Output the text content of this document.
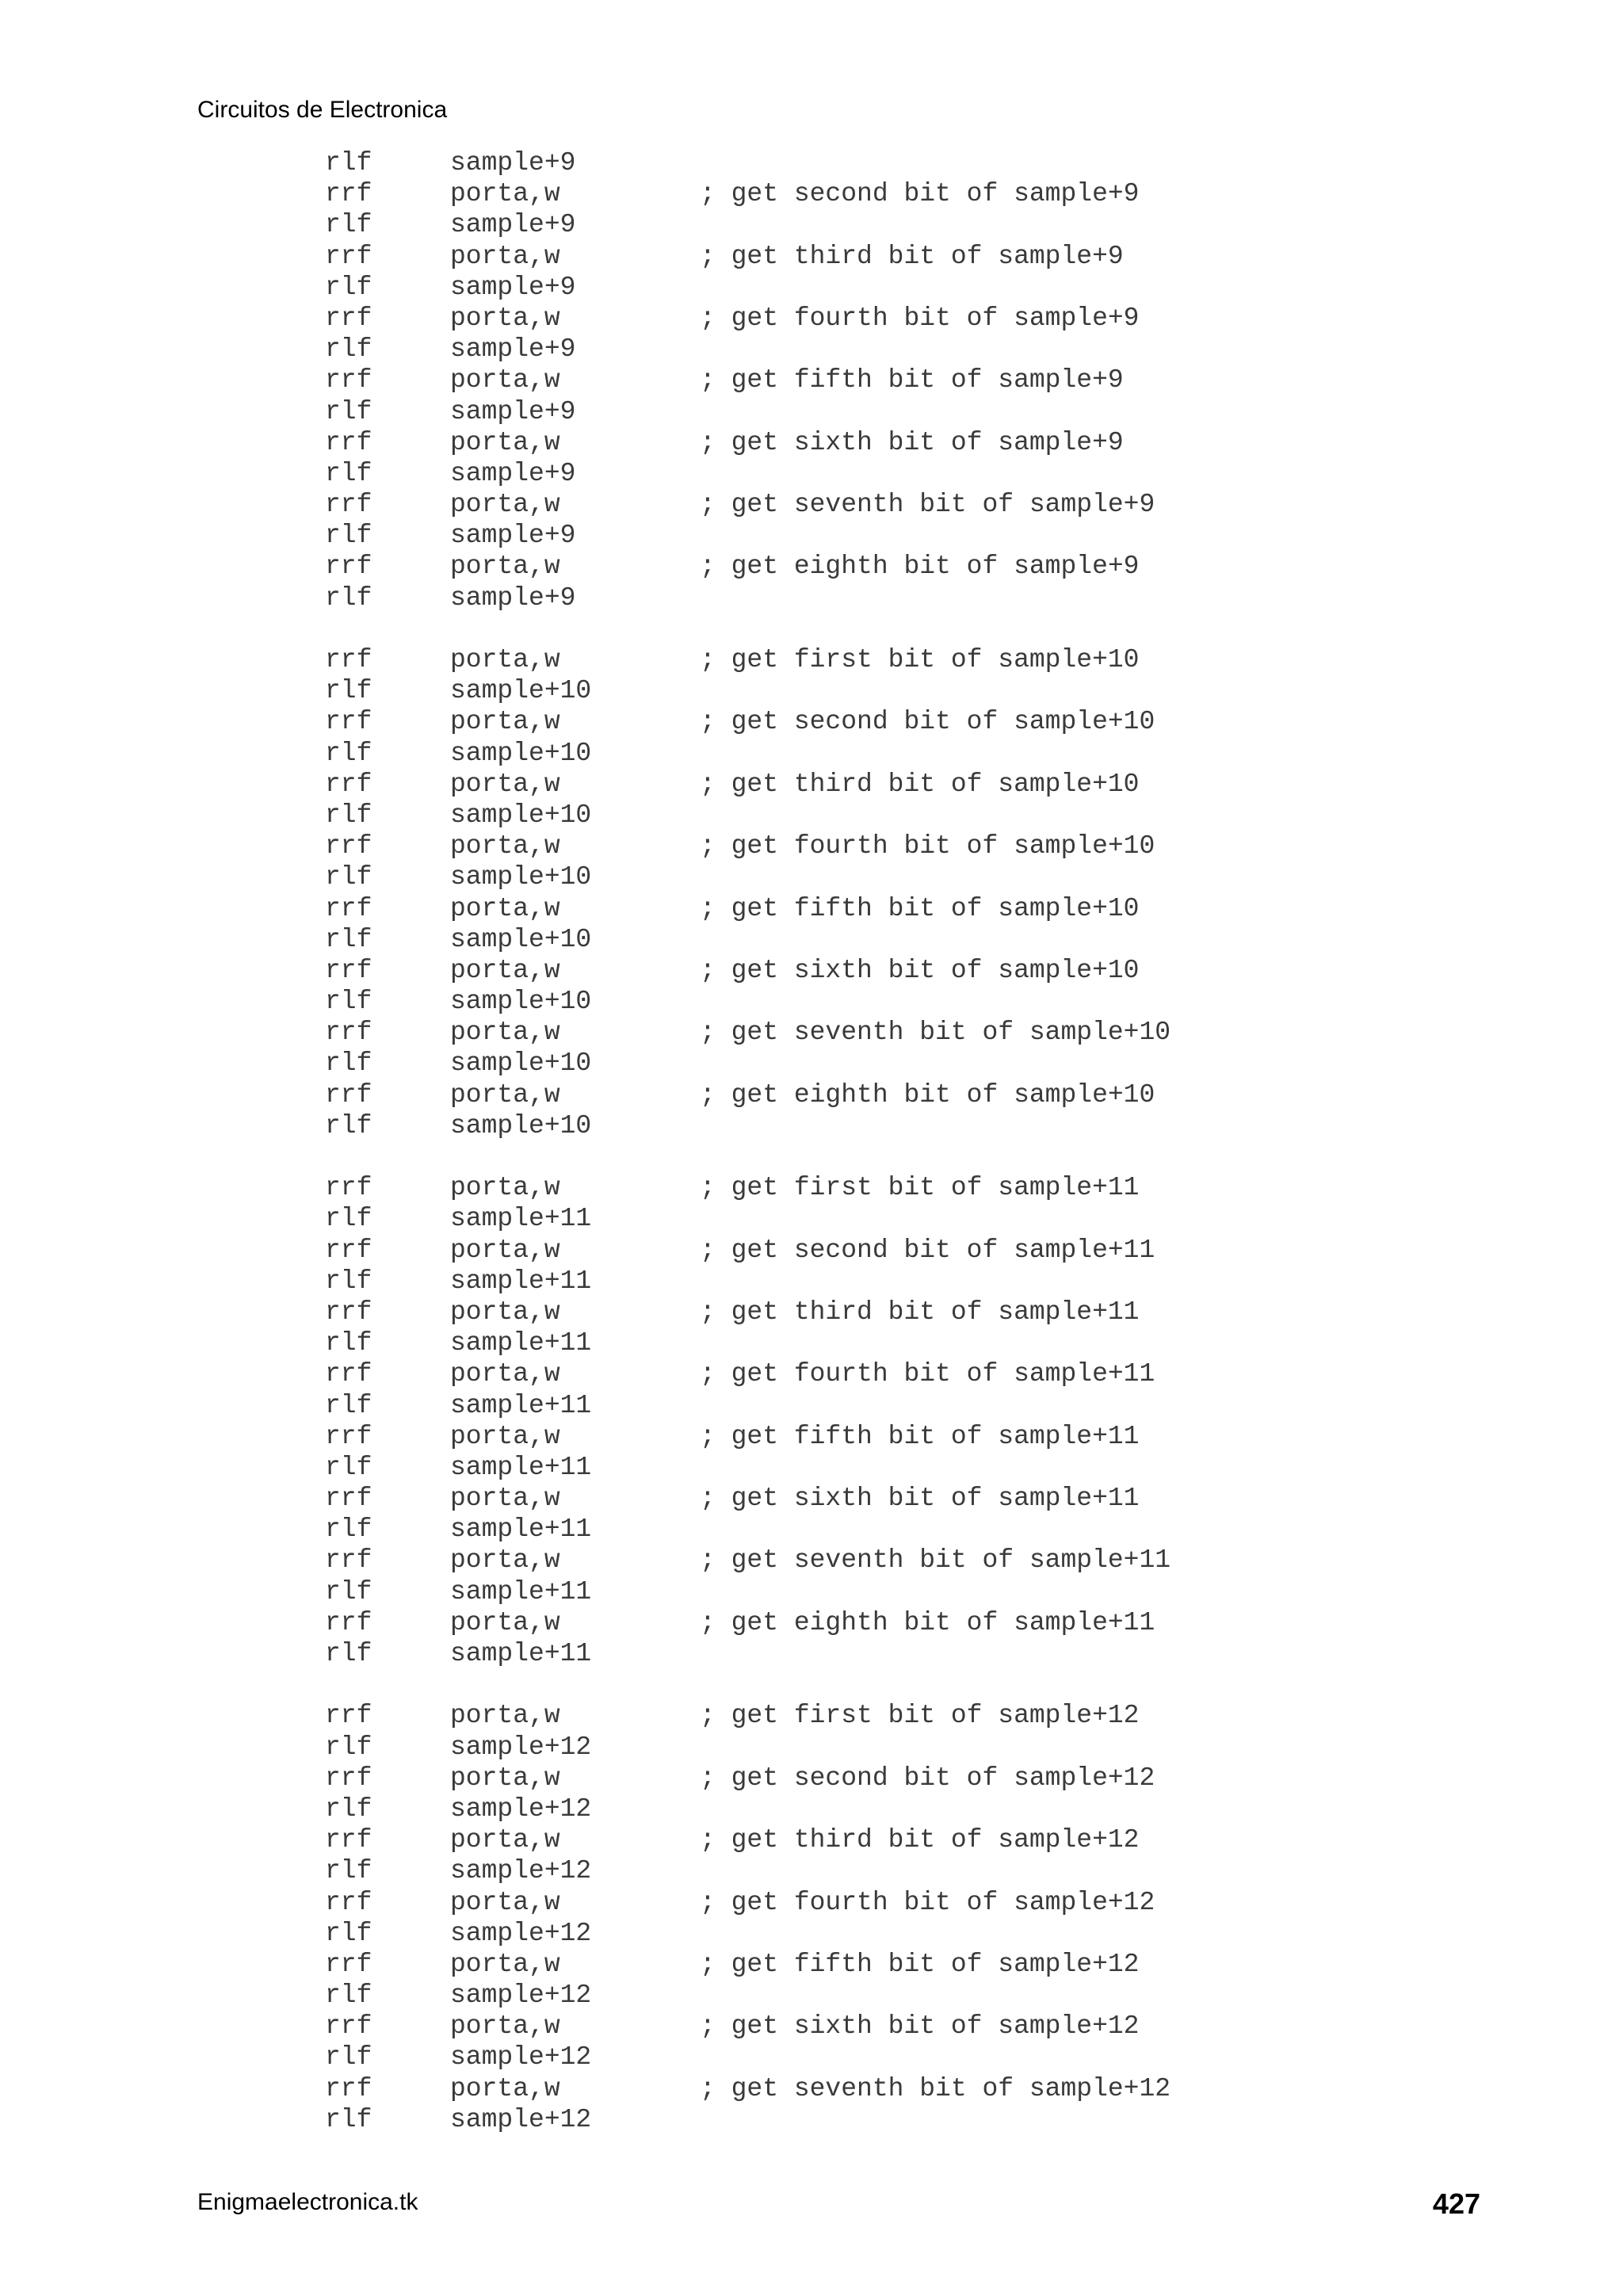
Circuitos de Electronica
rlf	sample+9
rrf	porta,w	; get second bit of sample+9
rlf	sample+9
rrf	porta,w	; get third bit of sample+9
rlf	sample+9
rrf	porta,w	; get fourth bit of sample+9
rlf	sample+9
rrf	porta,w	; get fifth bit of sample+9
rlf	sample+9
rrf	porta,w	; get sixth bit of sample+9
rlf	sample+9
rrf	porta,w	; get seventh bit of sample+9
rlf	sample+9
rrf	porta,w	; get eighth bit of sample+9
rlf	sample+9
rrf	porta,w	; get first bit of sample+10
rlf	sample+10
rrf	porta,w	; get second bit of sample+10
rlf	sample+10
rrf	porta,w	; get third bit of sample+10
rlf	sample+10
rrf	porta,w	; get fourth bit of sample+10
rlf	sample+10
rrf	porta,w	; get fifth bit of sample+10
rlf	sample+10
rrf	porta,w	; get sixth bit of sample+10
rlf	sample+10
rrf	porta,w	; get seventh bit of sample+10
rlf	sample+10
rrf	porta,w	; get eighth bit of sample+10
rlf	sample+10
rrf	porta,w	; get first bit of sample+11
rlf	sample+11
rrf	porta,w	; get second bit of sample+11
rlf	sample+11
rrf	porta,w	; get third bit of sample+11
rlf	sample+11
rrf	porta,w	; get fourth bit of sample+11
rlf	sample+11
rrf	porta,w	; get fifth bit of sample+11
rlf	sample+11
rrf	porta,w	; get sixth bit of sample+11
rlf	sample+11
rrf	porta,w	; get seventh bit of sample+11
rlf	sample+11
rrf	porta,w	; get eighth bit of sample+11
rlf	sample+11
rrf	porta,w	; get first bit of sample+12
rlf	sample+12
rrf	porta,w	; get second bit of sample+12
rlf	sample+12
rrf	porta,w	; get third bit of sample+12
rlf	sample+12
rrf	porta,w	; get fourth bit of sample+12
rlf	sample+12
rrf	porta,w	; get fifth bit of sample+12
rlf	sample+12
rrf	porta,w	; get sixth bit of sample+12
rlf	sample+12
rrf	porta,w	; get seventh bit of sample+12
rlf	sample+12
Enigmaelectronica.tk	427
